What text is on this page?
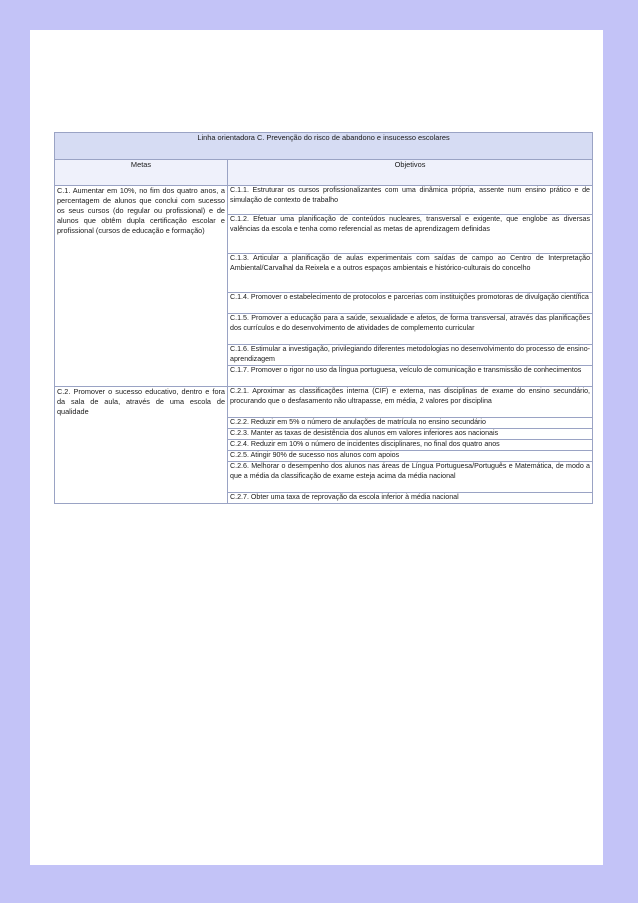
Linha orientadora C. Prevenção do risco de abandono e insucesso escolares	
Metas	Objetivos
C.1. Aumentar em 10%, no fim dos quatro anos, a percentagem de alunos que conclui com sucesso os seus cursos (do regular ou profissional) e de alunos que obtêm dupla certificação escolar e profissional (cursos de educação e formação)	C.1.1. Estruturar os cursos profissionalizantes com uma dinâmica própria, assente num ensino prático e de simulação de contexto de trabalho
	C.1.2. Efetuar uma planificação de conteúdos nucleares, transversal e exigente, que englobe as diversas valências da escola e tenha como referencial as metas de aprendizagem definidas
	C.1.3. Articular a planificação de aulas experimentais com saídas de campo ao Centro de Interpretação Ambiental/Carvalhal da Reixela e a outros espaços ambientais e histórico-culturais do concelho
	C.1.4. Promover o estabelecimento de protocolos e parcerias com instituições promotoras de divulgação científica
	C.1.5. Promover a educação para a saúde, sexualidade e afetos, de forma transversal, através das planificações dos currículos e do desenvolvimento de atividades de complemento curricular
	C.1.6. Estimular a investigação, privilegiando diferentes metodologias no desenvolvimento do processo de ensino-aprendizagem
	C.1.7. Promover o rigor no uso da língua portuguesa, veículo de comunicação e transmissão de conhecimentos
C.2. Promover o sucesso educativo, dentro e fora da sala de aula, através de uma escola de qualidade	C.2.1. Aproximar as classificações interna (CIF) e externa, nas disciplinas de exame do ensino secundário, procurando que o desfasamento não ultrapasse, em média, 2 valores por disciplina
	C.2.2. Reduzir em 5% o número de anulações de matrícula no ensino secundário
	C.2.3. Manter as taxas de desistência dos alunos em valores inferiores aos nacionais
	C.2.4. Reduzir em 10% o número de incidentes disciplinares, no final dos quatro anos
	C.2.5. Atingir 90% de sucesso nos alunos com apoios
	C.2.6. Melhorar o desempenho dos alunos nas áreas de Língua Portuguesa/Português e Matemática, de modo a que a média da classificação de exame esteja acima da média nacional
	C.2.7. Obter uma taxa de reprovação da escola inferior à média nacional
